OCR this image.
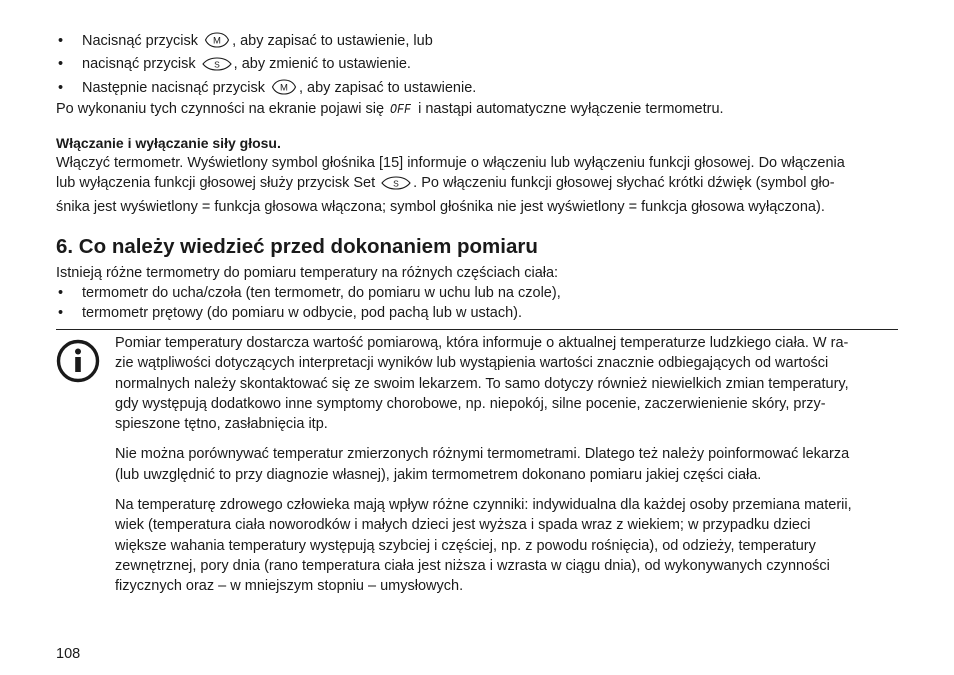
• Nacisnąć przycisk M , aby zapisać to ustawienie, lub
• nacisnąć przycisk S , aby zmienić to ustawienie.
• Następnie nacisnąć przycisk M , aby zapisać to ustawienie.
Po wykonaniu tych czynności na ekranie pojawi się OFF i nastąpi automatyczne wyłączenie termometru.
Włączanie i wyłączanie siły głosu.
Włączyć termometr. Wyświetlony symbol głośnika [15] informuje o włączeniu lub wyłączeniu funkcji głosowej. Do włączenia
lub wyłączenia funkcji głosowej służy przycisk Set S . Po włączeniu funkcji głosowej słychać krótki dźwięk (symbol gło-
śnika jest wyświetlony = funkcja głosowa włączona; symbol głośnika nie jest wyświetlony = funkcja głosowa wyłączona).
6. Co należy wiedzieć przed dokonaniem pomiaru
Istnieją różne termometry do pomiaru temperatury na różnych częściach ciała:
• termometr do ucha/czoła (ten termometr, do pomiaru w uchu lub na czole),
• termometr prętowy (do pomiaru w odbycie, pod pachą lub w ustach).

Pomiar temperatury dostarcza wartość pomiarową, która informuje o aktualnej temperaturze ludzkiego ciała. W ra-
zie wątpliwości dotyczących interpretacji wyników lub wystąpienia wartości znacznie odbiegających od wartości
normalnych należy skontaktować się ze swoim lekarzem. To samo dotyczy również niewielkich zmian temperatury,
gdy występują dodatkowo inne symptomy chorobowe, np. niepokój, silne pocenie, zaczerwienienie skóry, przy-
spieszone tętno, zasłabnięcia itp.

Nie można porównywać temperatur zmierzonych różnymi termometrami. Dlatego też należy poinformować lekarza
(lub uwzględnić to przy diagnozie własnej), jakim termometrem dokonano pomiaru jakiej części ciała.

Na temperaturę zdrowego człowieka mają wpływ różne czynniki: indywidualna dla każdej osoby przemiana materii,
wiek (temperatura ciała noworodków i małych dzieci jest wyższa i spada wraz z wiekiem; w przypadku dzieci
większe wahania temperatury występują szybciej i częściej, np. z powodu rośnięcia), od odzieży, temperatury
zewnętrznej, pory dnia (rano temperatura ciała jest niższa i wzrasta w ciągu dnia), od wykonywanych czynności
fizycznych oraz – w mniejszym stopniu – umysłowych.

108
